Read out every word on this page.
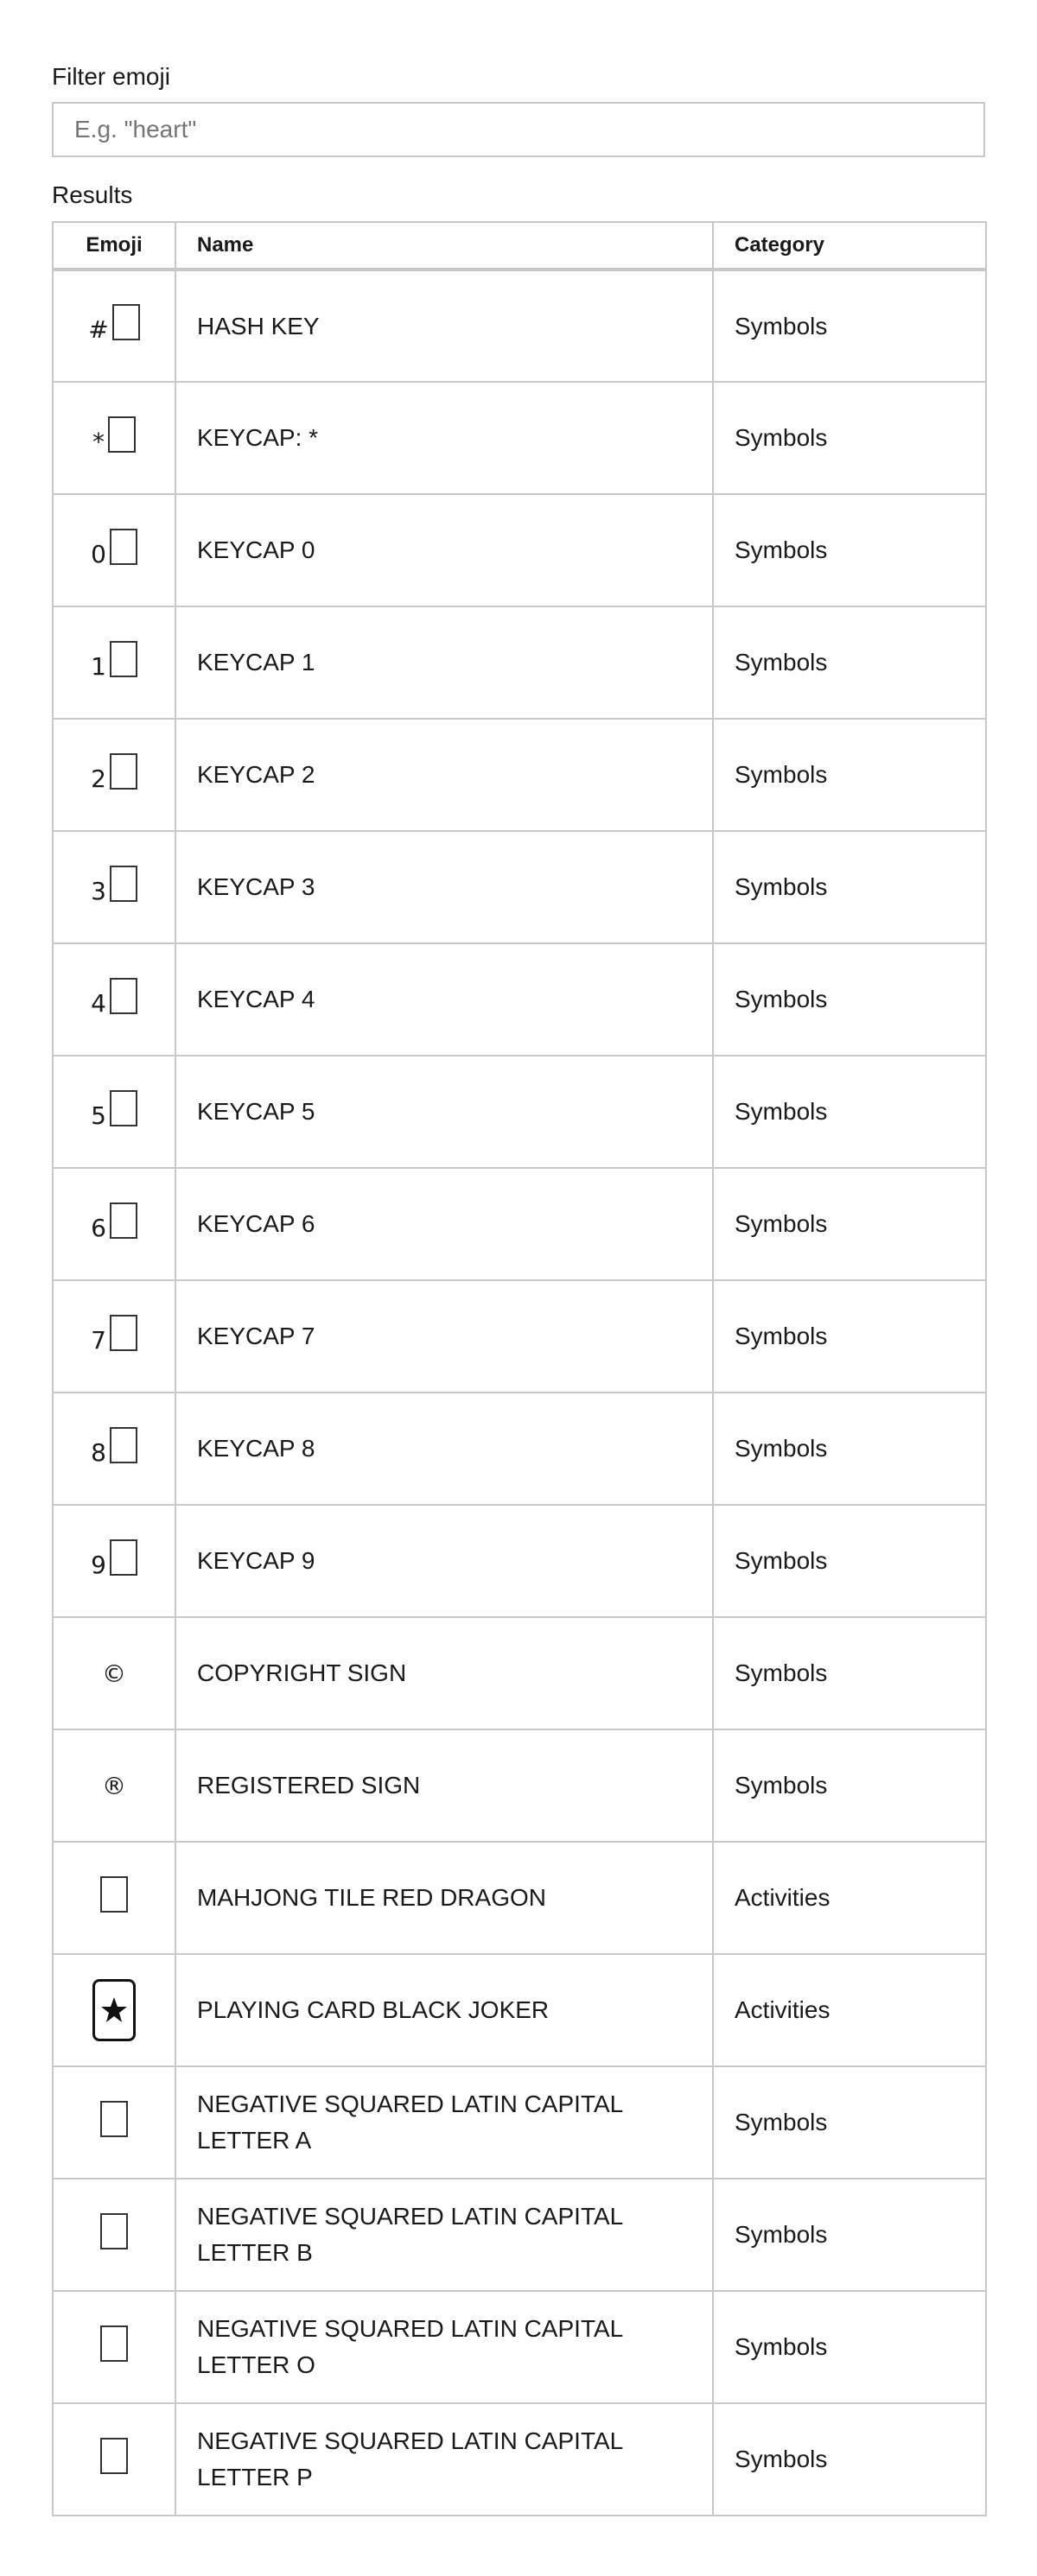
Filter emoji
E.g. "heart"
Results
Emoji	Name	Category
#	HASH KEY	Symbols
*	KEYCAP: *	Symbols
0	KEYCAP 0	Symbols
1	KEYCAP 1	Symbols
2	KEYCAP 2	Symbols
3	KEYCAP 3	Symbols
4	KEYCAP 4	Symbols
5	KEYCAP 5	Symbols
6	KEYCAP 6	Symbols
7	KEYCAP 7	Symbols
8	KEYCAP 8	Symbols
9	KEYCAP 9	Symbols
©	COPYRIGHT SIGN	Symbols
®	REGISTERED SIGN	Symbols
	MAHJONG TILE RED DRAGON	Activities

	PLAYING CARD BLACK JOKER	Activities
	NEGATIVE SQUARED LATIN CAPITAL LETTER A	Symbols
	NEGATIVE SQUARED LATIN CAPITAL LETTER B	Symbols
	NEGATIVE SQUARED LATIN CAPITAL LETTER O	Symbols
	NEGATIVE SQUARED LATIN CAPITAL LETTER P	Symbols
